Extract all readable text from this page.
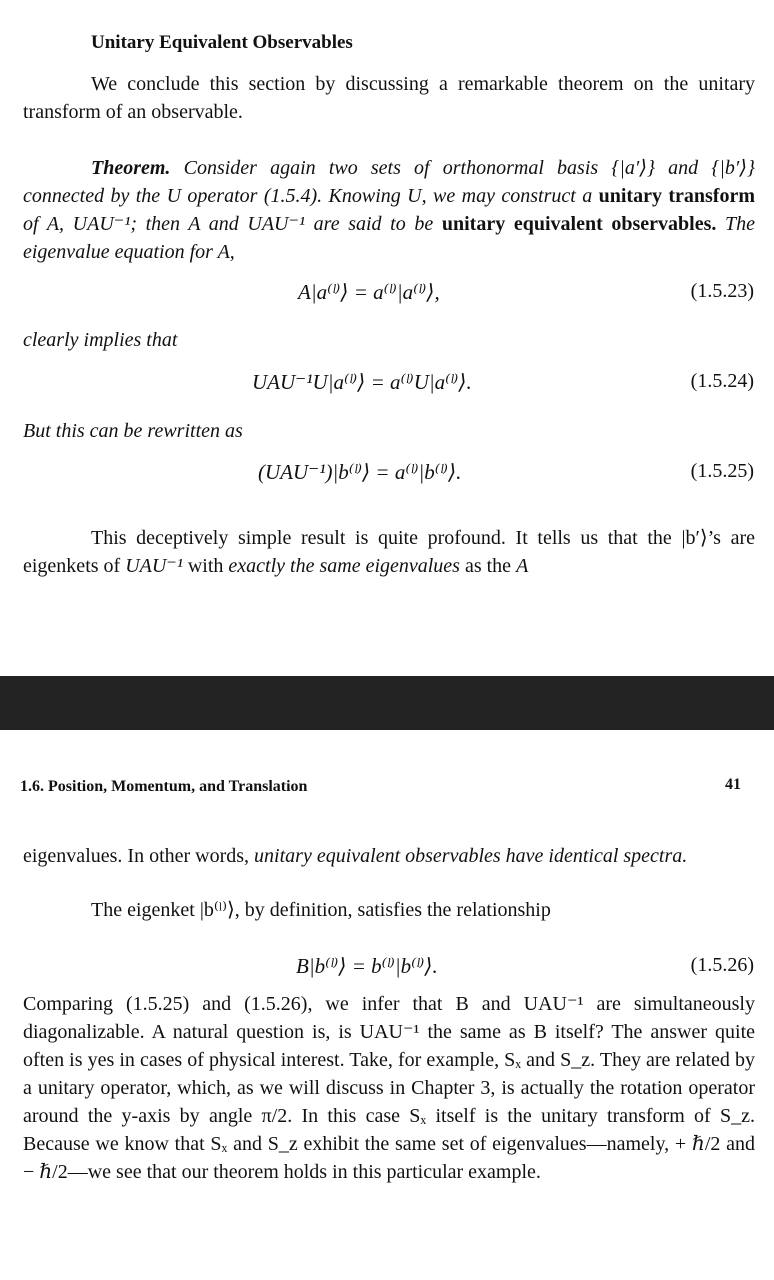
Unitary Equivalent Observables
We conclude this section by discussing a remarkable theorem on the unitary transform of an observable.
Theorem. Consider again two sets of orthonormal basis {|a′⟩} and {|b′⟩} connected by the U operator (1.5.4). Knowing U, we may construct a unitary transform of A, UAU⁻¹; then A and UAU⁻¹ are said to be unitary equivalent observables. The eigenvalue equation for A,
A|a⁽ˡ⁾⟩ = a⁽ˡ⁾|a⁽ˡ⁾⟩,	(1.5.23)
clearly implies that
UAU⁻¹U|a⁽ˡ⁾⟩ = a⁽ˡ⁾U|a⁽ˡ⁾⟩.	(1.5.24)
But this can be rewritten as
(UAU⁻¹)|b⁽ˡ⁾⟩ = a⁽ˡ⁾|b⁽ˡ⁾⟩.	(1.5.25)
This deceptively simple result is quite profound. It tells us that the |b′⟩’s are eigenkets of UAU⁻¹ with exactly the same eigenvalues as the A
1.6. Position, Momentum, and Translation	41
eigenvalues. In other words, unitary equivalent observables have identical spectra.
The eigenket |b⁽ˡ⁾⟩, by definition, satisfies the relationship
B|b⁽ˡ⁾⟩ = b⁽ˡ⁾|b⁽ˡ⁾⟩.	(1.5.26)
Comparing (1.5.25) and (1.5.26), we infer that B and UAU⁻¹ are simultaneously diagonalizable. A natural question is, is UAU⁻¹ the same as B itself? The answer quite often is yes in cases of physical interest. Take, for example, Sₓ and S_z. They are related by a unitary operator, which, as we will discuss in Chapter 3, is actually the rotation operator around the y-axis by angle π/2. In this case Sₓ itself is the unitary transform of S_z. Because we know that Sₓ and S_z exhibit the same set of eigenvalues—namely, + ℏ/2 and − ℏ/2—we see that our theorem holds in this particular example.
